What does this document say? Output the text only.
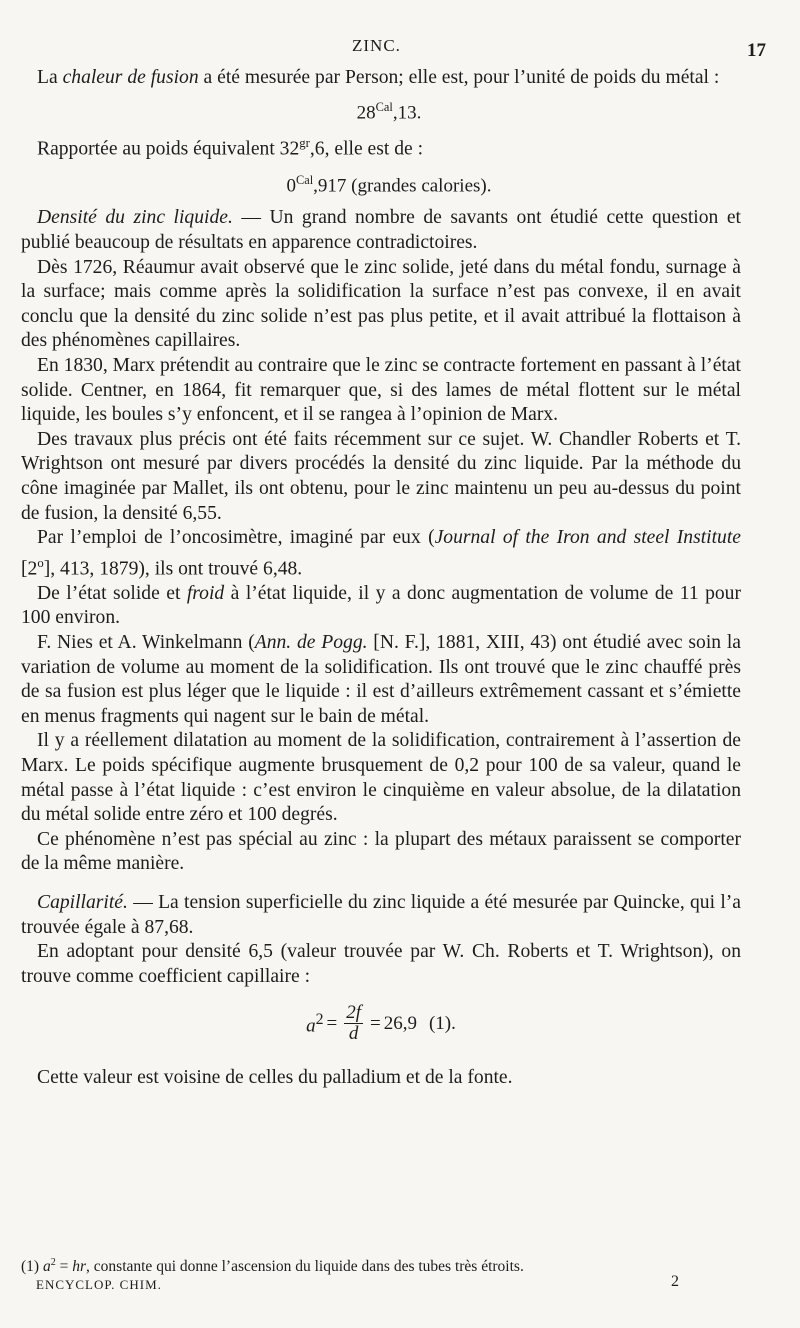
ZINC.	17

La chaleur de fusion a été mesurée par Person; elle est, pour l’unité de poids du métal :

$28^{Cal},13$.

Rapportée au poids équivalent $32^{gr},6$, elle est de :

$0^{Cal},917$ (grandes calories).

Densité du zinc liquide. — Un grand nombre de savants ont étudié cette question et publié beaucoup de résultats en apparence contradictoires.

Dès 1726, Réaumur avait observé que le zinc solide, jeté dans du métal fondu, surnage à la surface; mais comme après la solidification la surface n’est pas convexe, il en avait conclu que la densité du zinc solide n’est pas plus petite, et il avait attribué la flottaison à des phénomènes capillaires.

En 1830, Marx prétendit au contraire que le zinc se contracte fortement en passant à l’état solide. Centner, en 1864, fit remarquer que, si des lames de métal flottent sur le métal liquide, les boules s’y enfoncent, et il se rangea à l’opinion de Marx.

Des travaux plus précis ont été faits récemment sur ce sujet. W. Chandler Roberts et T. Wrightson ont mesuré par divers procédés la densité du zinc liquide. Par la méthode du cône imaginée par Mallet, ils ont obtenu, pour le zinc maintenu un peu au-dessus du point de fusion, la densité 6,55.

Par l’emploi de l’oncosimètre, imaginé par eux (Journal of the Iron and steel Institute [2$^o$], 413, 1879), ils ont trouvé 6,48.

De l’état solide et froid à l’état liquide, il y a donc augmentation de volume de 11 pour 100 environ.

F. Nies et A. Winkelmann (Ann. de Pogg. [N. F.], 1881, XIII, 43) ont étudié avec soin la variation de volume au moment de la solidification. Ils ont trouvé que le zinc chauffé près de sa fusion est plus léger que le liquide : il est d’ailleurs extrêmement cassant et s’émiette en menus fragments qui nagent sur le bain de métal.

Il y a réellement dilatation au moment de la solidification, contrairement à l’assertion de Marx. Le poids spécifique augmente brusquement de 0,2 pour 100 de sa valeur, quand le métal passe à l’état liquide : c’est environ le cinquième en valeur absolue, de la dilatation du métal solide entre zéro et 100 degrés.

Ce phénomène n’est pas spécial au zinc : la plupart des métaux paraissent se comporter de la même manière.

Capillarité. — La tension superficielle du zinc liquide a été mesurée par Quincke, qui l’a trouvée égale à 87,68.

En adoptant pour densité 6,5 (valeur trouvée par W. Ch. Roberts et T. Wrightson), on trouve comme coefficient capillaire :

$a^2 = \frac{2f}{d} = 26,9$ (1).

Cette valeur est voisine de celles du palladium et de la fonte.

(1) $a^2$ = hr, constante qui donne l’ascension du liquide dans des tubes très étroits.
ENCYCLOP. CHIM.	2
